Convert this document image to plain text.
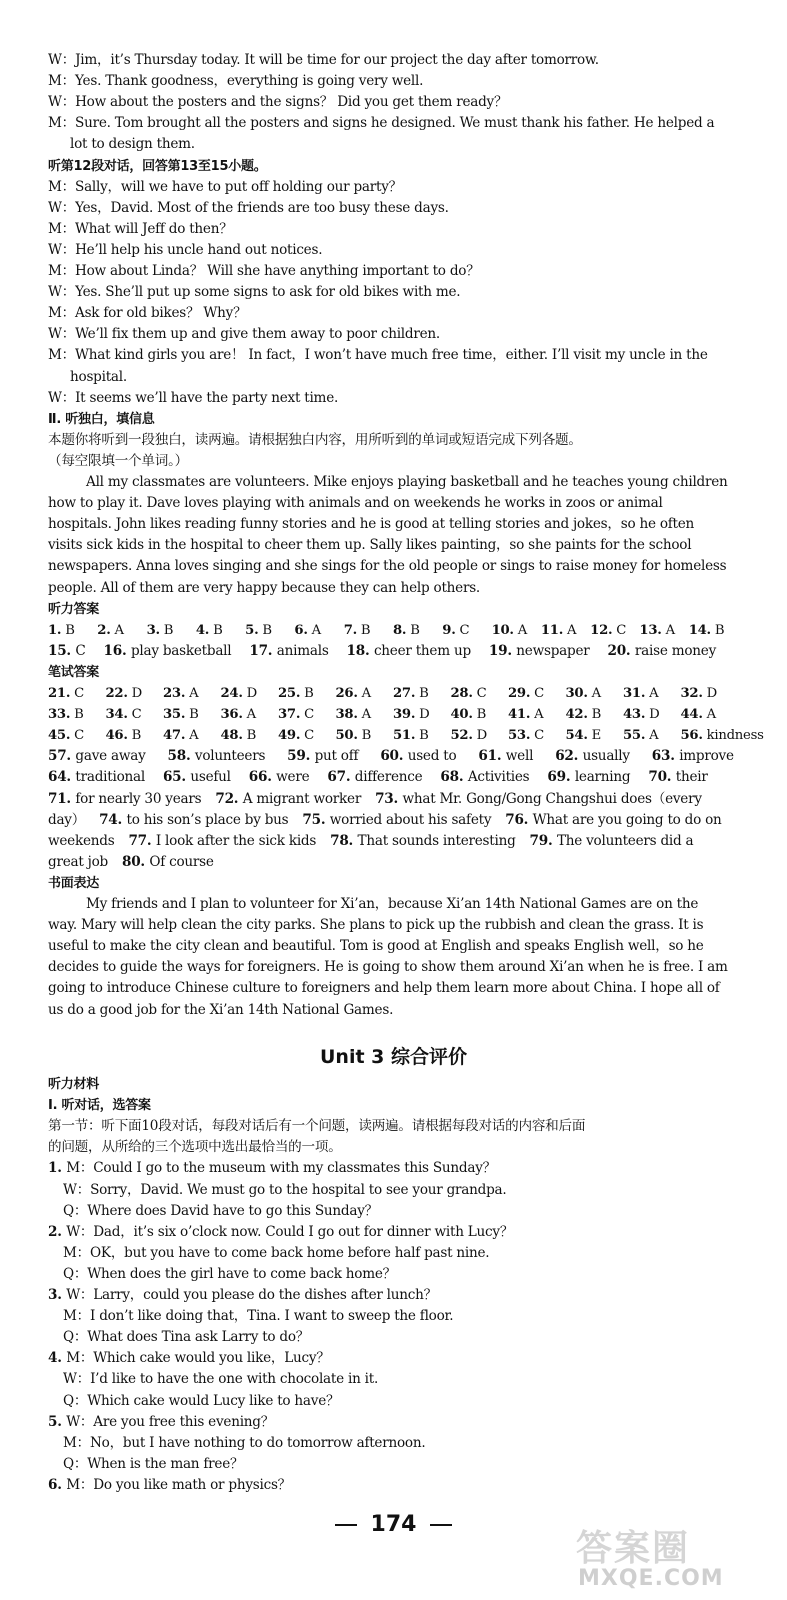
W：Jim，it’s Thursday today. It will be time for our project the day after tomorrow.
M：Yes. Thank goodness，everything is going very well.
W：How about the posters and the signs？ Did you get them ready？
M：Sure. Tom brought all the posters and signs he designed. We must thank his father. He helped a
lot to design them.
听第12段对话，回答第13至15小题。
M：Sally，will we have to put off holding our party？
W：Yes，David. Most of the friends are too busy these days.
M：What will Jeff do then？
W：He’ll help his uncle hand out notices.
M：How about Linda？ Will she have anything important to do？
W：Yes. She’ll put up some signs to ask for old bikes with me.
M：Ask for old bikes？ Why？
W：We’ll fix them up and give them away to poor children.
M：What kind girls you are！ In fact，I won’t have much free time，either. I’ll visit my uncle in the
hospital.
W：It seems we’ll have the party next time.
Ⅱ. 听独白，填信息
本题你将听到一段独白，读两遍。请根据独白内容，用所听到的单词或短语完成下列各题。
（每空限填一个单词。）
All my classmates are volunteers. Mike enjoys playing basketball and he teaches young children
how to play it. Dave loves playing with animals and on weekends he works in zoos or animal
hospitals. John likes reading funny stories and he is good at telling stories and jokes，so he often
visits sick kids in the hospital to cheer them up. Sally likes painting，so she paints for the school
newspapers. Anna loves singing and she sings for the old people or sings to raise money for homeless
people. All of them are very happy because they can help others.
听力答案
1. B 2. A 3. B 4. B 5. B 6. A 7. B 8. B 9. C 10. A 11. A 12. C 13. A 14. B
15. C 16. play basketball 17. animals 18. cheer them up 19. newspaper 20. raise money
笔试答案
21. C 22. D 23. A 24. D 25. B 26. A 27. B 28. C 29. C 30. A 31. A 32. D
33. B 34. C 35. B 36. A 37. C 38. A 39. D 40. B 41. A 42. B 43. D 44. A
45. C 46. B 47. A 48. B 49. C 50. B 51. B 52. D 53. C 54. E 55. A 56. kindness
57. gave away 58. volunteers 59. put off 60. used to 61. well 62. usually 63. improve
64. traditional 65. useful 66. were 67. difference 68. Activities 69. learning 70. their
71. for nearly 30 years 72. A migrant worker 73. what Mr. Gong/Gong Changshui does（every
day） 74. to his son’s place by bus 75. worried about his safety 76. What are you going to do on
weekends 77. I look after the sick kids 78. That sounds interesting 79. The volunteers did a
great job 80. Of course
书面表达
My friends and I plan to volunteer for Xi’an，because Xi’an 14th National Games are on the
way. Mary will help clean the city parks. She plans to pick up the rubbish and clean the grass. It is
useful to make the city clean and beautiful. Tom is good at English and speaks English well，so he
decides to guide the ways for foreigners. He is going to show them around Xi’an when he is free. I am
going to introduce Chinese culture to foreigners and help them learn more about China. I hope all of
us do a good job for the Xi’an 14th National Games.
听力材料
Ⅰ. 听对话，选答案
第一节：听下面10段对话，每段对话后有一个问题，读两遍。请根据每段对话的内容和后面
的问题，从所给的三个选项中选出最恰当的一项。
1. M：Could I go to the museum with my classmates this Sunday？
W：Sorry，David. We must go to the hospital to see your grandpa.
Q：Where does David have to go this Sunday？
2. W：Dad，it’s six o’clock now. Could I go out for dinner with Lucy？
M：OK，but you have to come back home before half past nine.
Q：When does the girl have to come back home？
3. W：Larry，could you please do the dishes after lunch？
M：I don’t like doing that，Tina. I want to sweep the floor.
Q：What does Tina ask Larry to do？
4. M：Which cake would you like，Lucy？
W：I’d like to have the one with chocolate in it.
Q：Which cake would Lucy like to have？
5. W：Are you free this evening？
M：No，but I have nothing to do tomorrow afternoon.
Q：When is the man free？
6. M：Do you like math or physics？
Unit 3 综合评价
174
答案圈
MXQE.COM
